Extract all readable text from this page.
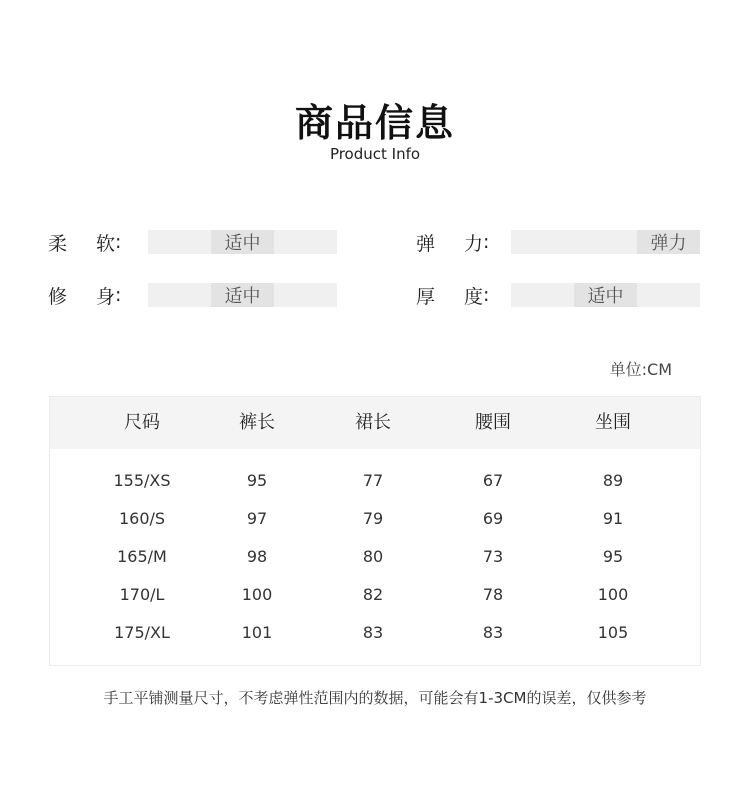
商品信息
Product Info
柔	软 :	适中	弹	力 :	弹力
修	身 :	适中	厚	度 :	适中
单位:CM
尺码	裤长	裙长	腰围	坐围
155/XS	95	77	67	89
160/S	97	79	69	91
165/M	98	80	73	95
170/L	100	82	78	100
175/XL	101	83	83	105
手工平铺测量尺寸，不考虑弹性范围内的数据，可能会有1-3CM的误差，仅供参考
